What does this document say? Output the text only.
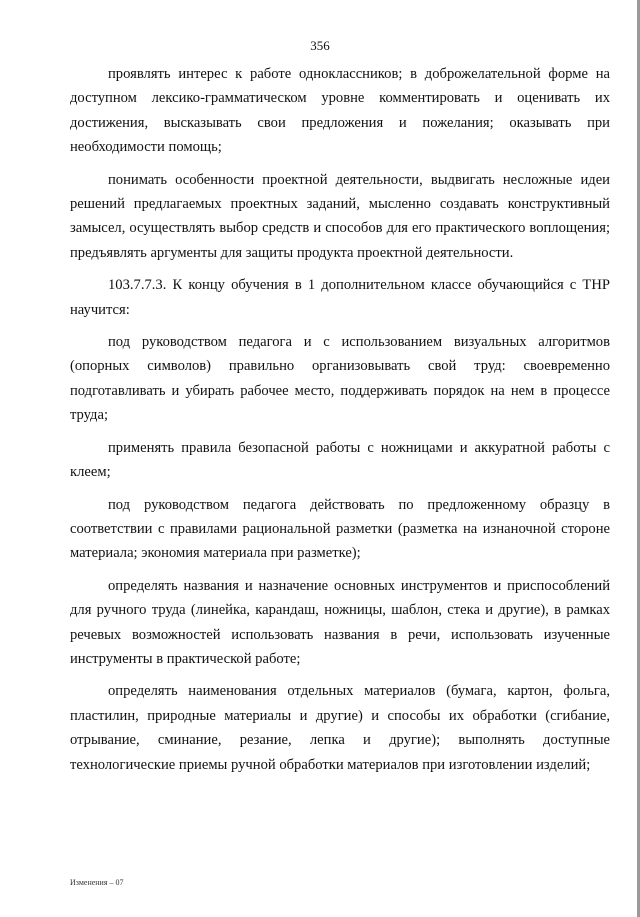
356

проявлять интерес к работе одноклассников; в доброжелательной форме на доступном лексико-грамматическом уровне комментировать и оценивать их достижения, высказывать свои предложения и пожелания; оказывать при необходимости помощь;

понимать особенности проектной деятельности, выдвигать несложные идеи решений предлагаемых проектных заданий, мысленно создавать конструктивный замысел, осуществлять выбор средств и способов для его практического воплощения; предъявлять аргументы для защиты продукта проектной деятельности.

103.7.7.3. К концу обучения в 1 дополнительном классе обучающийся с ТНР научится:

под руководством педагога и с использованием визуальных алгоритмов (опорных символов) правильно организовывать свой труд: своевременно подготавливать и убирать рабочее место, поддерживать порядок на нем в процессе труда;

применять правила безопасной работы с ножницами и аккуратной работы с клеем;

под руководством педагога действовать по предложенному образцу в соответствии с правилами рациональной разметки (разметка на изнаночной стороне материала; экономия материала при разметке);

определять названия и назначение основных инструментов и приспособлений для ручного труда (линейка, карандаш, ножницы, шаблон, стека и другие), в рамках речевых возможностей использовать названия в речи, использовать изученные инструменты в практической работе;

определять наименования отдельных материалов (бумага, картон, фольга, пластилин, природные материалы и другие) и способы их обработки (сгибание, отрывание, сминание, резание, лепка и другие); выполнять доступные технологические приемы ручной обработки материалов при изготовлении изделий;

Изменения – 07
